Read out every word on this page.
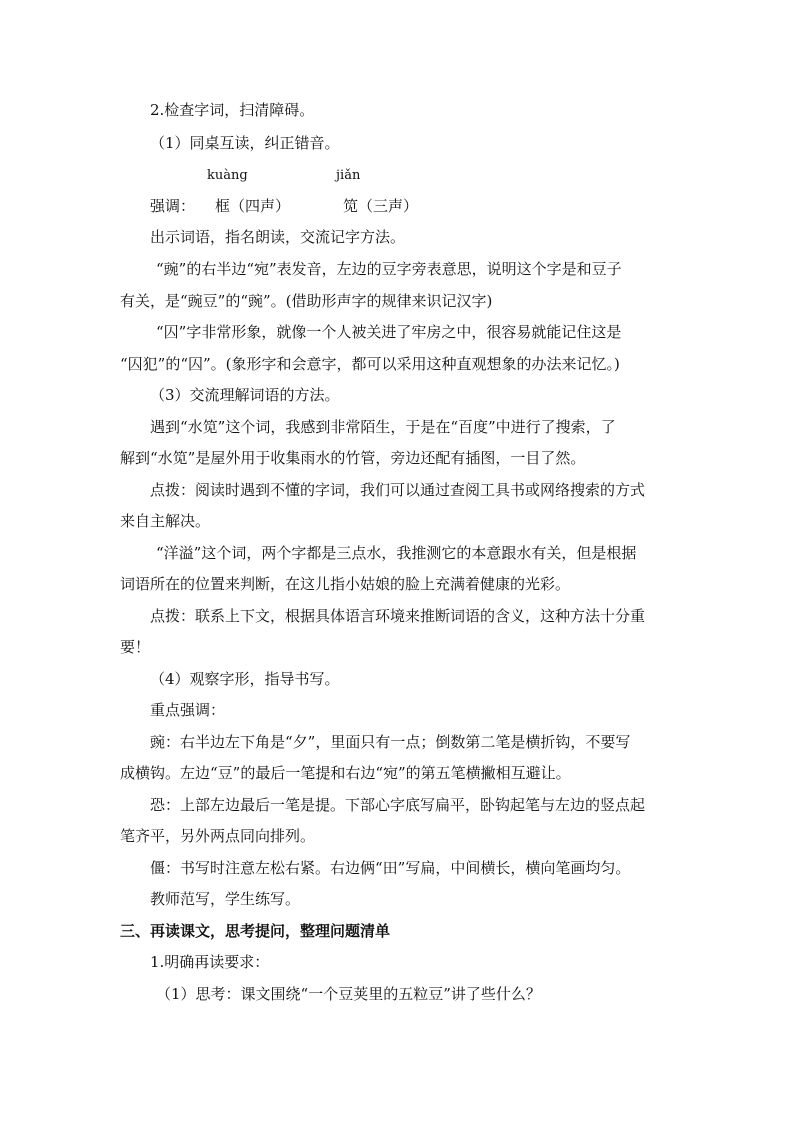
2.检查字词，扫清障碍。
（1）同桌互读，纠正错音。
kuàng	jiǎn
强调： 框（四声）	笕（三声）
出示词语，指名朗读，交流记字方法。
“豌”的右半边“宛”表发音，左边的豆字旁表意思，说明这个字是和豆子
有关，是“豌豆”的“豌”。(借助形声字的规律来识记汉字)
“囚”字非常形象，就像一个人被关进了牢房之中，很容易就能记住这是
“囚犯”的“囚”。(象形字和会意字，都可以采用这种直观想象的办法来记忆。)
（3）交流理解词语的方法。
遇到“水笕”这个词，我感到非常陌生，于是在“百度”中进行了搜索，了
解到“水笕”是屋外用于收集雨水的竹管，旁边还配有插图，一目了然。
点拨：阅读时遇到不懂的字词，我们可以通过查阅工具书或网络搜索的方式
来自主解决。
“洋溢”这个词，两个字都是三点水，我推测它的本意跟水有关，但是根据
词语所在的位置来判断，在这儿指小姑娘的脸上充满着健康的光彩。
点拨：联系上下文，根据具体语言环境来推断词语的含义，这种方法十分重
要！
（4）观察字形，指导书写。
重点强调：
豌：右半边左下角是“夕”，里面只有一点；倒数第二笔是横折钩，不要写
成横钩。左边“豆”的最后一笔提和右边“宛”的第五笔横撇相互避让。
恐：上部左边最后一笔是提。下部心字底写扁平，卧钩起笔与左边的竖点起
笔齐平，另外两点同向排列。
僵：书写时注意左松右紧。右边俩“田”写扁，中间横长，横向笔画均匀。
教师范写，学生练写。
三、再读课文，思考提问，整理问题清单
1.明确再读要求：
（1）思考：课文围绕“一个豆荚里的五粒豆”讲了些什么？
